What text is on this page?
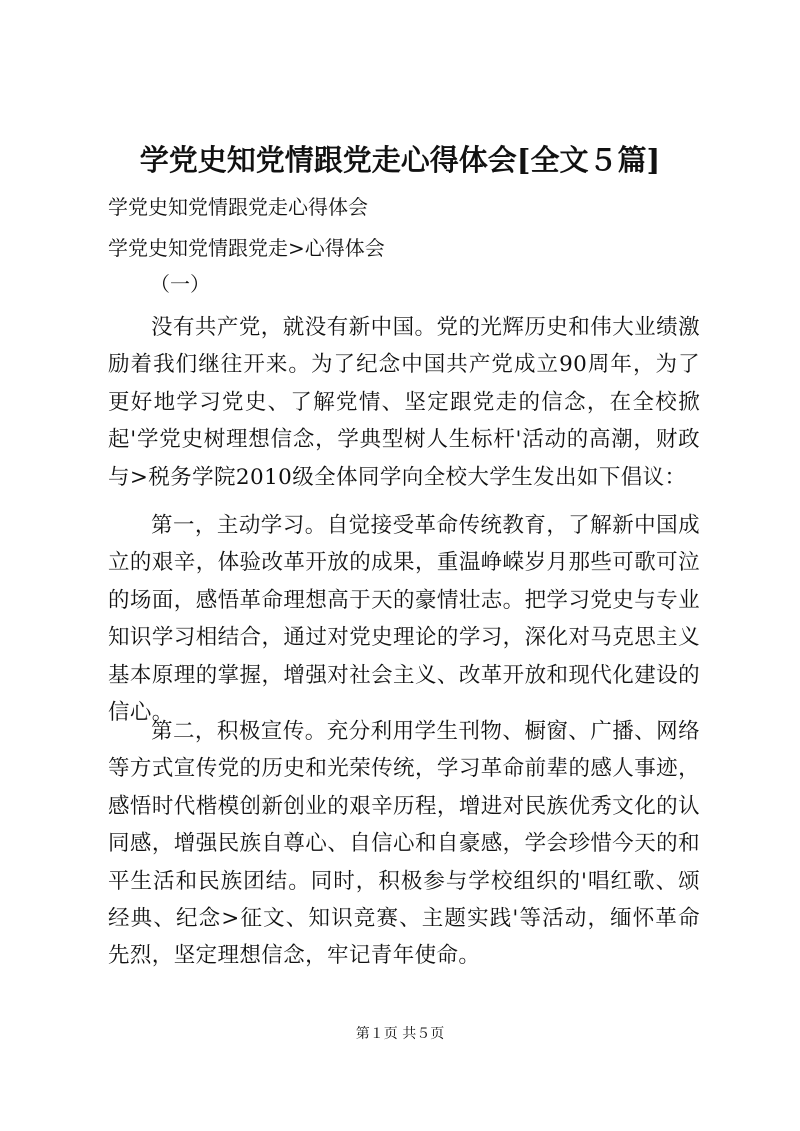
学党史知党情跟党走心得体会[全文５篇]
学党史知党情跟党走心得体会
学党史知党情跟党走>心得体会
（一）
没有共产党，就没有新中国。党的光辉历史和伟大业绩激励着我们继往开来。为了纪念中国共产党成立90周年，为了更好地学习党史、了解党情、坚定跟党走的信念，在全校掀起'学党史树理想信念，学典型树人生标杆'活动的高潮，财政与>税务学院2010级全体同学向全校大学生发出如下倡议：
第一，主动学习。自觉接受革命传统教育，了解新中国成立的艰辛，体验改革开放的成果，重温峥嵘岁月那些可歌可泣的场面，感悟革命理想高于天的豪情壮志。把学习党史与专业知识学习相结合，通过对党史理论的学习，深化对马克思主义基本原理的掌握，增强对社会主义、改革开放和现代化建设的信心。
第二，积极宣传。充分利用学生刊物、橱窗、广播、网络等方式宣传党的历史和光荣传统，学习革命前辈的感人事迹，感悟时代楷模创新创业的艰辛历程，增进对民族优秀文化的认同感，增强民族自尊心、自信心和自豪感，学会珍惜今天的和平生活和民族团结。同时，积极参与学校组织的'唱红歌、颂经典、纪念>征文、知识竞赛、主题实践'等活动，缅怀革命先烈，坚定理想信念，牢记青年使命。
第１页 共５页
